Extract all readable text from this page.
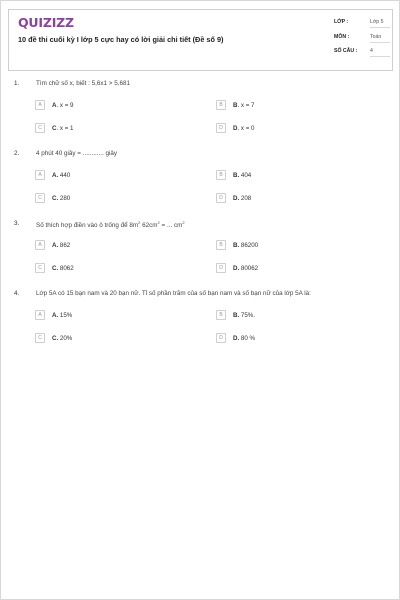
QUIZIZZ
10 đề thi cuối kỳ I lớp 5 cực hay có lời giải chi tiết (Đề số 9)
LỚP :	Lớp 5
MÔN :	Toán
SỐ CÂU : 4
1.	Tìm chữ số x, biết : 5,6x1 > 5,681
A	A. x = 9	B	B. x = 7
C	C. x = 1	D	D. x = 0
2.	4 phút 40 giây = ............ giây
A	A. 440	B	B. 404
C	C. 280	D	D. 208
3.	Số thích hợp điền vào ô trống để $8m^2$ $62cm^2$ = ... $cm^2$
A	A. 862	B	B. 86200
C	C. 8062	D	D. 80062
4.	Lớp 5A có 15 bạn nam và 20 bạn nữ. Tỉ số phần trăm của số bạn nam và số bạn nữ của lớp 5A là:
A	A. 15%	B	B. 75%.
C	C. 20%	D	D. 80 %
